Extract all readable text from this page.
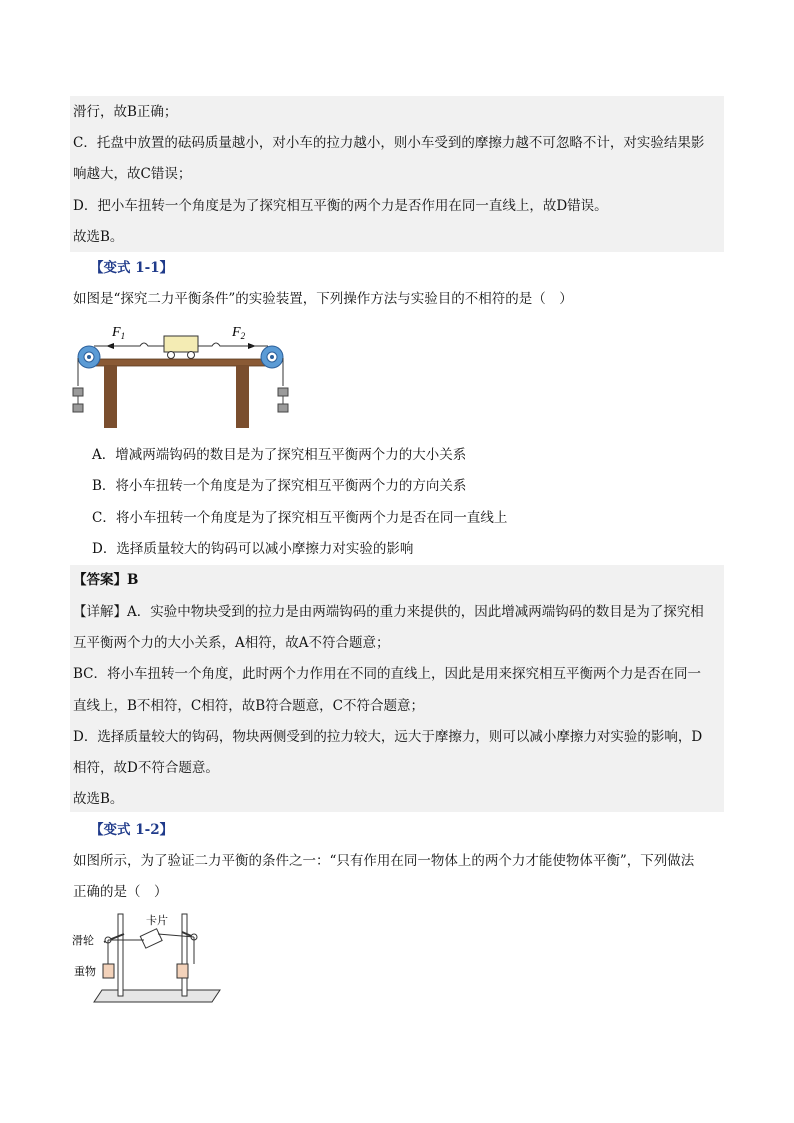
滑行，故B正确；
C．托盘中放置的砝码质量越小，对小车的拉力越小，则小车受到的摩擦力越不可忽略不计，对实验结果影
响越大，故C错误；
D．把小车扭转一个角度是为了探究相互平衡的两个力是否作用在同一直线上，故D错误。
故选B。
【变式 1-1】
如图是“探究二力平衡条件”的实验装置，下列操作方法与实验目的不相符的是（　）
$F_1$	$F_2$
A．增减两端钩码的数目是为了探究相互平衡两个力的大小关系
B．将小车扭转一个角度是为了探究相互平衡两个力的方向关系
C．将小车扭转一个角度是为了探究相互平衡两个力是否在同一直线上
D．选择质量较大的钩码可以减小摩擦力对实验的影响
【答案】B
【详解】A．实验中物块受到的拉力是由两端钩码的重力来提供的，因此增减两端钩码的数目是为了探究相
互平衡两个力的大小关系，A相符，故A不符合题意；
BC．将小车扭转一个角度，此时两个力作用在不同的直线上，因此是用来探究相互平衡两个力是否在同一
直线上，B不相符，C相符，故B符合题意，C不符合题意；
D．选择质量较大的钩码，物块两侧受到的拉力较大，远大于摩擦力，则可以减小摩擦力对实验的影响，D
相符，故D不符合题意。
故选B。
【变式 1-2】
如图所示，为了验证二力平衡的条件之一：“只有作用在同一物体上的两个力才能使物体平衡”，下列做法
正确的是（　）
滑轮
卡片
重物
